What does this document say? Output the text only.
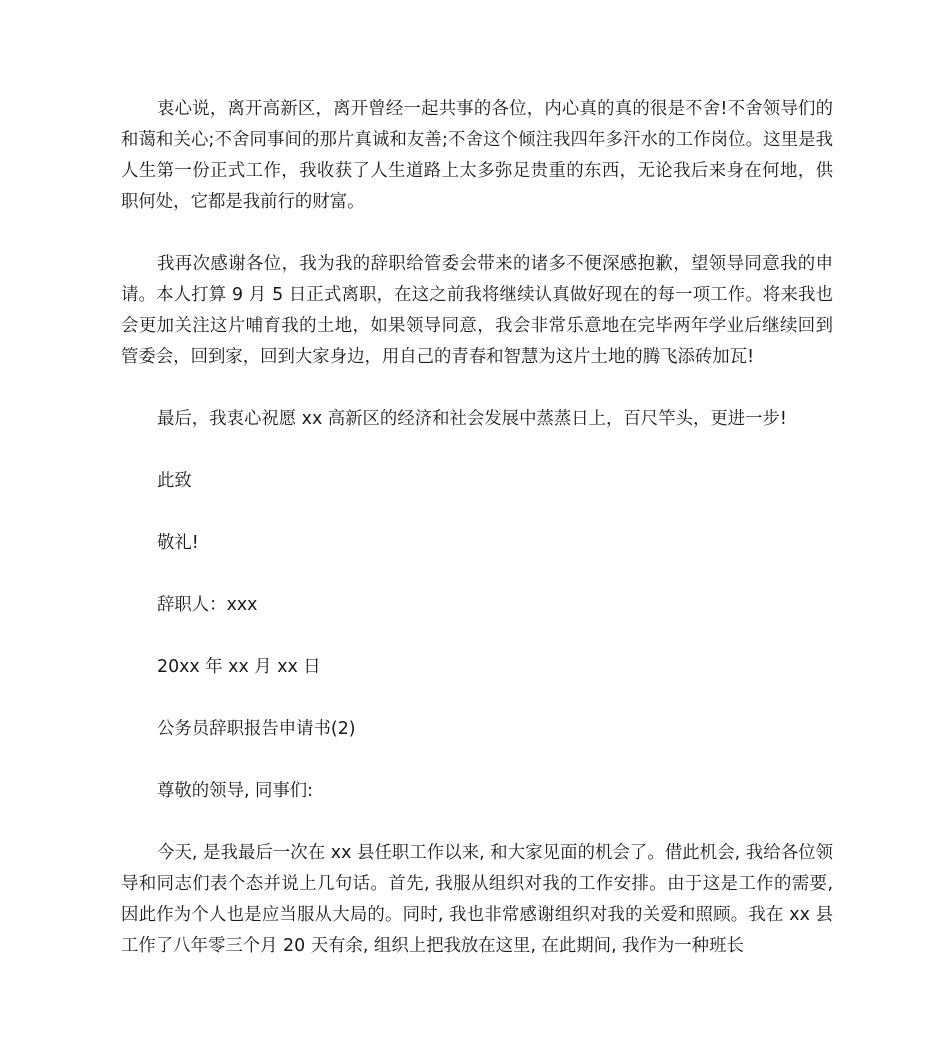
衷心说，离开高新区，离开曾经一起共事的各位，内心真的真的很是不舍!不舍领导们的和蔼和关心;不舍同事间的那片真诚和友善;不舍这个倾注我四年多汗水的工作岗位。这里是我人生第一份正式工作，我收获了人生道路上太多弥足贵重的东西，无论我后来身在何地，供职何处，它都是我前行的财富。

我再次感谢各位，我为我的辞职给管委会带来的诸多不便深感抱歉，望领导同意我的申请。本人打算 9 月 5 日正式离职，在这之前我将继续认真做好现在的每一项工作。将来我也会更加关注这片哺育我的土地，如果领导同意，我会非常乐意地在完毕两年学业后继续回到管委会，回到家，回到大家身边，用自己的青春和智慧为这片土地的腾飞添砖加瓦!

最后，我衷心祝愿 xx 高新区的经济和社会发展中蒸蒸日上，百尺竿头，更进一步!

此致

敬礼!

辞职人：xxx

20xx 年 xx 月 xx 日

公务员辞职报告申请书(2)

尊敬的领导, 同事们:

今天, 是我最后一次在 xx 县任职工作以来, 和大家见面的机会了。借此机会, 我给各位领导和同志们表个态并说上几句话。首先, 我服从组织对我的工作安排。由于这是工作的需要, 因此作为个人也是应当服从大局的。同时, 我也非常感谢组织对我的关爱和照顾。我在 xx 县工作了八年零三个月 20 天有余, 组织上把我放在这里, 在此期间, 我作为一种班长
